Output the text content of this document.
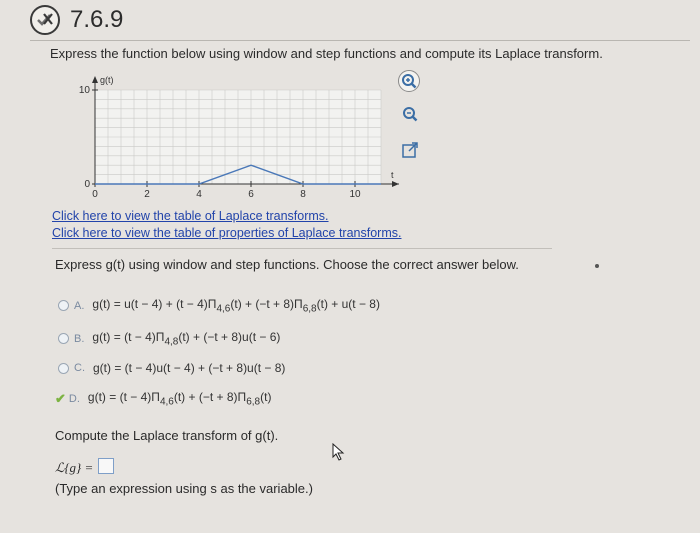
7.6.9
Express the function below using window and step functions and compute its Laplace transform.
g(t)
t
0	2	4	6	8	10
0
10
Click here to view the table of Laplace transforms.
Click here to view the table of properties of Laplace transforms.
Express g(t) using window and step functions. Choose the correct answer below.
A. $g(t) = u(t - 4) + (t - 4)\Pi_{4,6}(t) + (-t + 8)\Pi_{6,8}(t) + u(t - 8)$
B. $g(t) = (t - 4)\Pi_{4,8}(t) + (-t + 8)u(t - 6)$
C. g(t) = (t − 4)u(t − 4) + (−t + 8)u(t − 8)
✔ D. $g(t) = (t - 4)\Pi_{4,6}(t) + (-t + 8)\Pi_{6,8}(t)$
Compute the Laplace transform of g(t).
ℒ{g} =
(Type an expression using s as the variable.)
